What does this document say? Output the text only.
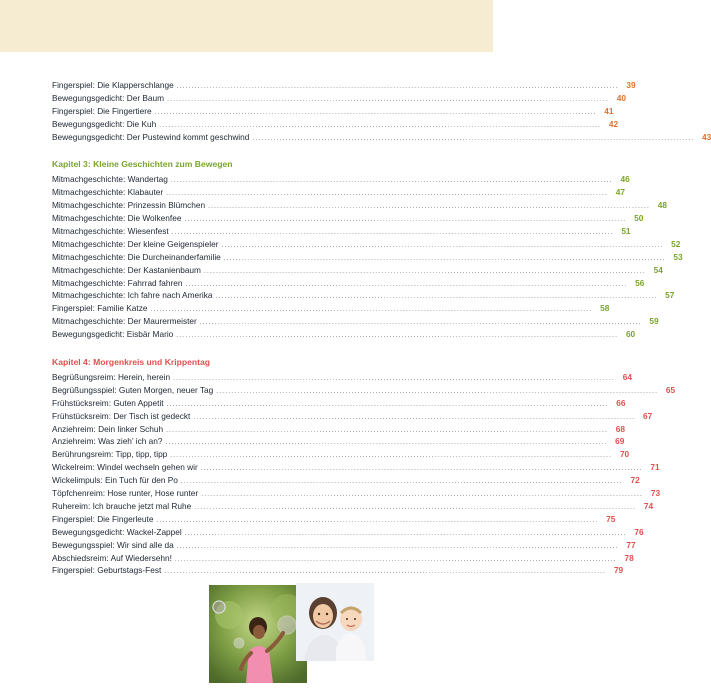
Fingerspiel: Die Klapperschlange ................................................................................................................................................... 39
Bewegungsgedicht: Der Baum ................................................................................................................................................... 40
Fingerspiel: Die Fingertiere ................................................................................................................................................... 41
Bewegungsgedicht: Die Kuh ................................................................................................................................................... 42
Bewegungsgedicht: Der Pustewind kommt geschwind ................................................................................................................................................... 43
Kapitel 3: Kleine Geschichten zum Bewegen
Mitmachgeschichte: Wandertag ................................................................................................................................................... 46
Mitmachgeschichte: Klabauter ................................................................................................................................................... 47
Mitmachgeschichte: Prinzessin Blümchen ................................................................................................................................................... 48
Mitmachgeschichte: Die Wolkenfee ................................................................................................................................................... 50
Mitmachgeschichte: Wiesenfest ................................................................................................................................................... 51
Mitmachgeschichte: Der kleine Geigenspieler ................................................................................................................................................... 52
Mitmachgeschichte: Die Durcheinanderfamilie ................................................................................................................................................... 53
Mitmachgeschichte: Der Kastanienbaum ................................................................................................................................................... 54
Mitmachgeschichte: Fahrrad fahren ................................................................................................................................................... 56
Mitmachgeschichte: Ich fahre nach Amerika ................................................................................................................................................... 57
Fingerspiel: Familie Katze ................................................................................................................................................... 58
Mitmachgeschichte: Der Maurermeister ................................................................................................................................................... 59
Bewegungsgedicht: Eisbär Mario ................................................................................................................................................... 60
Kapitel 4: Morgenkreis und Krippentag
Begrüßungsreim: Herein, herein ................................................................................................................................................... 64
Begrüßungsspiel: Guten Morgen, neuer Tag ................................................................................................................................................... 65
Frühstücksreim: Guten Appetit ................................................................................................................................................... 66
Frühstücksreim: Der Tisch ist gedeckt ................................................................................................................................................... 67
Anziehreim: Dein linker Schuh ................................................................................................................................................... 68
Anziehreim: Was zieh’ ich an? ................................................................................................................................................... 69
Berührungsreim: Tipp, tipp, tipp ................................................................................................................................................... 70
Wickelreim: Windel wechseln gehen wir ................................................................................................................................................... 71
Wickelimpuls: Ein Tuch für den Po ................................................................................................................................................... 72
Töpfchenreim: Hose runter, Hose runter ................................................................................................................................................... 73
Ruhereim: Ich brauche jetzt mal Ruhe ................................................................................................................................................... 74
Fingerspiel: Die Fingerleute ................................................................................................................................................... 75
Bewegungsgedicht: Wackel-Zappel ................................................................................................................................................... 76
Bewegungsspiel: Wir sind alle da ................................................................................................................................................... 77
Abschiedsreim: Auf Wiedersehn! ................................................................................................................................................... 78
Fingerspiel: Geburtstags-Fest ................................................................................................................................................... 79
